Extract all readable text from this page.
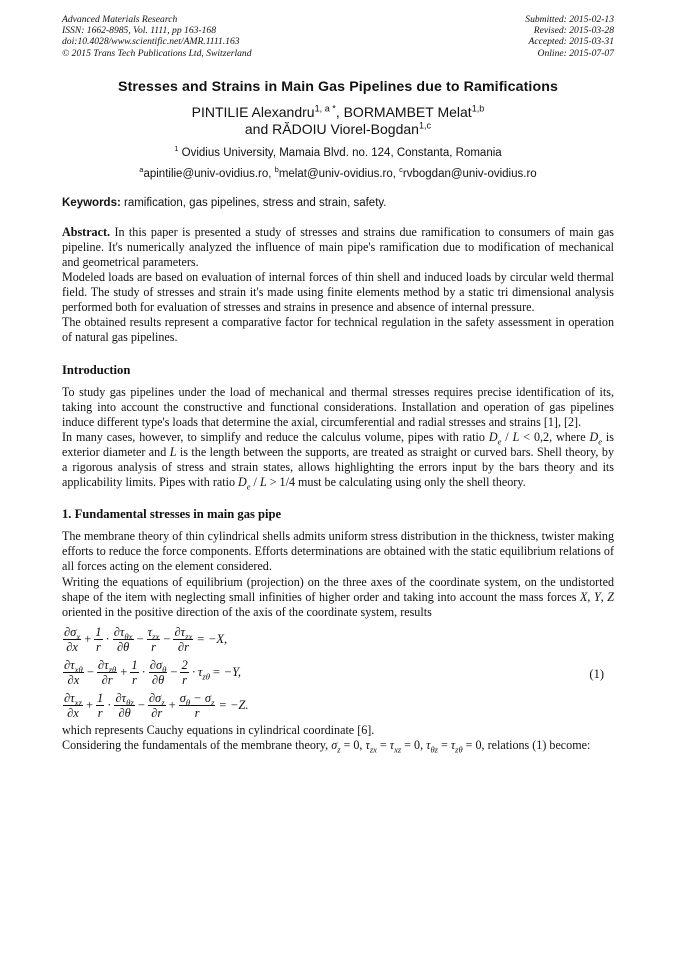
Advanced Materials Research
ISSN: 1662-8985, Vol. 1111, pp 163-168
doi:10.4028/www.scientific.net/AMR.1111.163
© 2015 Trans Tech Publications Ltd, Switzerland
Submitted: 2015-02-13
Revised: 2015-03-28
Accepted: 2015-03-31
Online: 2015-07-07
Stresses and Strains in Main Gas Pipelines due to Ramifications
PINTILIE Alexandru$^{1, a *}$, BORMAMBET Melat$^{1,b}$
and RĂDOIU Viorel-Bogdan$^{1,c}$
$^1$ Ovidius University, Mamaia Blvd. no. 124, Constanta, Romania
$^a$apintilie@univ-ovidius.ro, $^b$melat@univ-ovidius.ro, $^c$rvbogdan@univ-ovidius.ro
Keywords: ramification, gas pipelines, stress and strain, safety.
Abstract. In this paper is presented a study of stresses and strains due ramification to consumers of main gas pipeline. It's numerically analyzed the influence of main pipe's ramification due to modification of mechanical and geometrical parameters.
Modeled loads are based on evaluation of internal forces of thin shell and induced loads by circular weld thermal field. The study of stresses and strain it's made using finite elements method by a static tri dimensional analysis performed both for evaluation of stresses and strains in presence and absence of internal pressure.
The obtained results represent a comparative factor for technical regulation in the safety assessment in operation of natural gas pipelines.
Introduction
To study gas pipelines under the load of mechanical and thermal stresses requires precise identification of its, taking into account the constructive and functional considerations. Installation and operation of gas pipelines induce different type's loads that determine the axial, circumferential and radial stresses and strains [1], [2].
In many cases, however, to simplify and reduce the calculus volume, pipes with ratio $D_e / L < 0,2$, where $D_e$ is exterior diameter and L is the length between the supports, are treated as straight or curved bars. Shell theory, by a rigorous analysis of stress and strain states, allows highlighting the errors input by the bars theory and its applicability limits. Pipes with ratio $D_e / L > 1/4$ must be calculating using only the shell theory.
1. Fundamental stresses in main gas pipe
The membrane theory of thin cylindrical shells admits uniform stress distribution in the thickness, twister making efforts to reduce the force components. Efforts determinations are obtained with the static equilibrium relations of all forces acting on the element considered.
Writing the equations of equilibrium (projection) on the three axes of the coordinate system, on the undistorted shape of the item with neglecting small infinities of higher order and taking into account the mass forces X, Y, Z oriented in the positive direction of the axis of the coordinate system, results
$\frac{\partial\sigma_x}{\partial x} + \frac{1}{r} \cdot \frac{\partial\tau_{\theta x}}{\partial\theta} - \frac{\tau_{zx}}{r} - \frac{\partial\tau_{zx}}{\partial r} = -X$,
$\frac{\partial\tau_{x\theta}}{\partial x} - \frac{\partial\tau_{z\theta}}{\partial r} + \frac{1}{r} \cdot \frac{\partial\sigma_\theta}{\partial\theta} - \frac{2}{r} \cdot \tau_{z\theta} = -Y$,
$\frac{\partial\tau_{xz}}{\partial x} + \frac{1}{r} \cdot \frac{\partial\tau_{\theta z}}{\partial\theta} - \frac{\partial\sigma_z}{\partial r} + \frac{\sigma_\theta - \sigma_z}{r} = -Z$.
(1)
which represents Cauchy equations in cylindrical coordinate [6].
Considering the fundamentals of the membrane theory, $\sigma_z = 0$, $\tau_{zx} = \tau_{xz} = 0$, $\tau_{\theta z} = \tau_{z\theta} = 0$, relations (1) become:
